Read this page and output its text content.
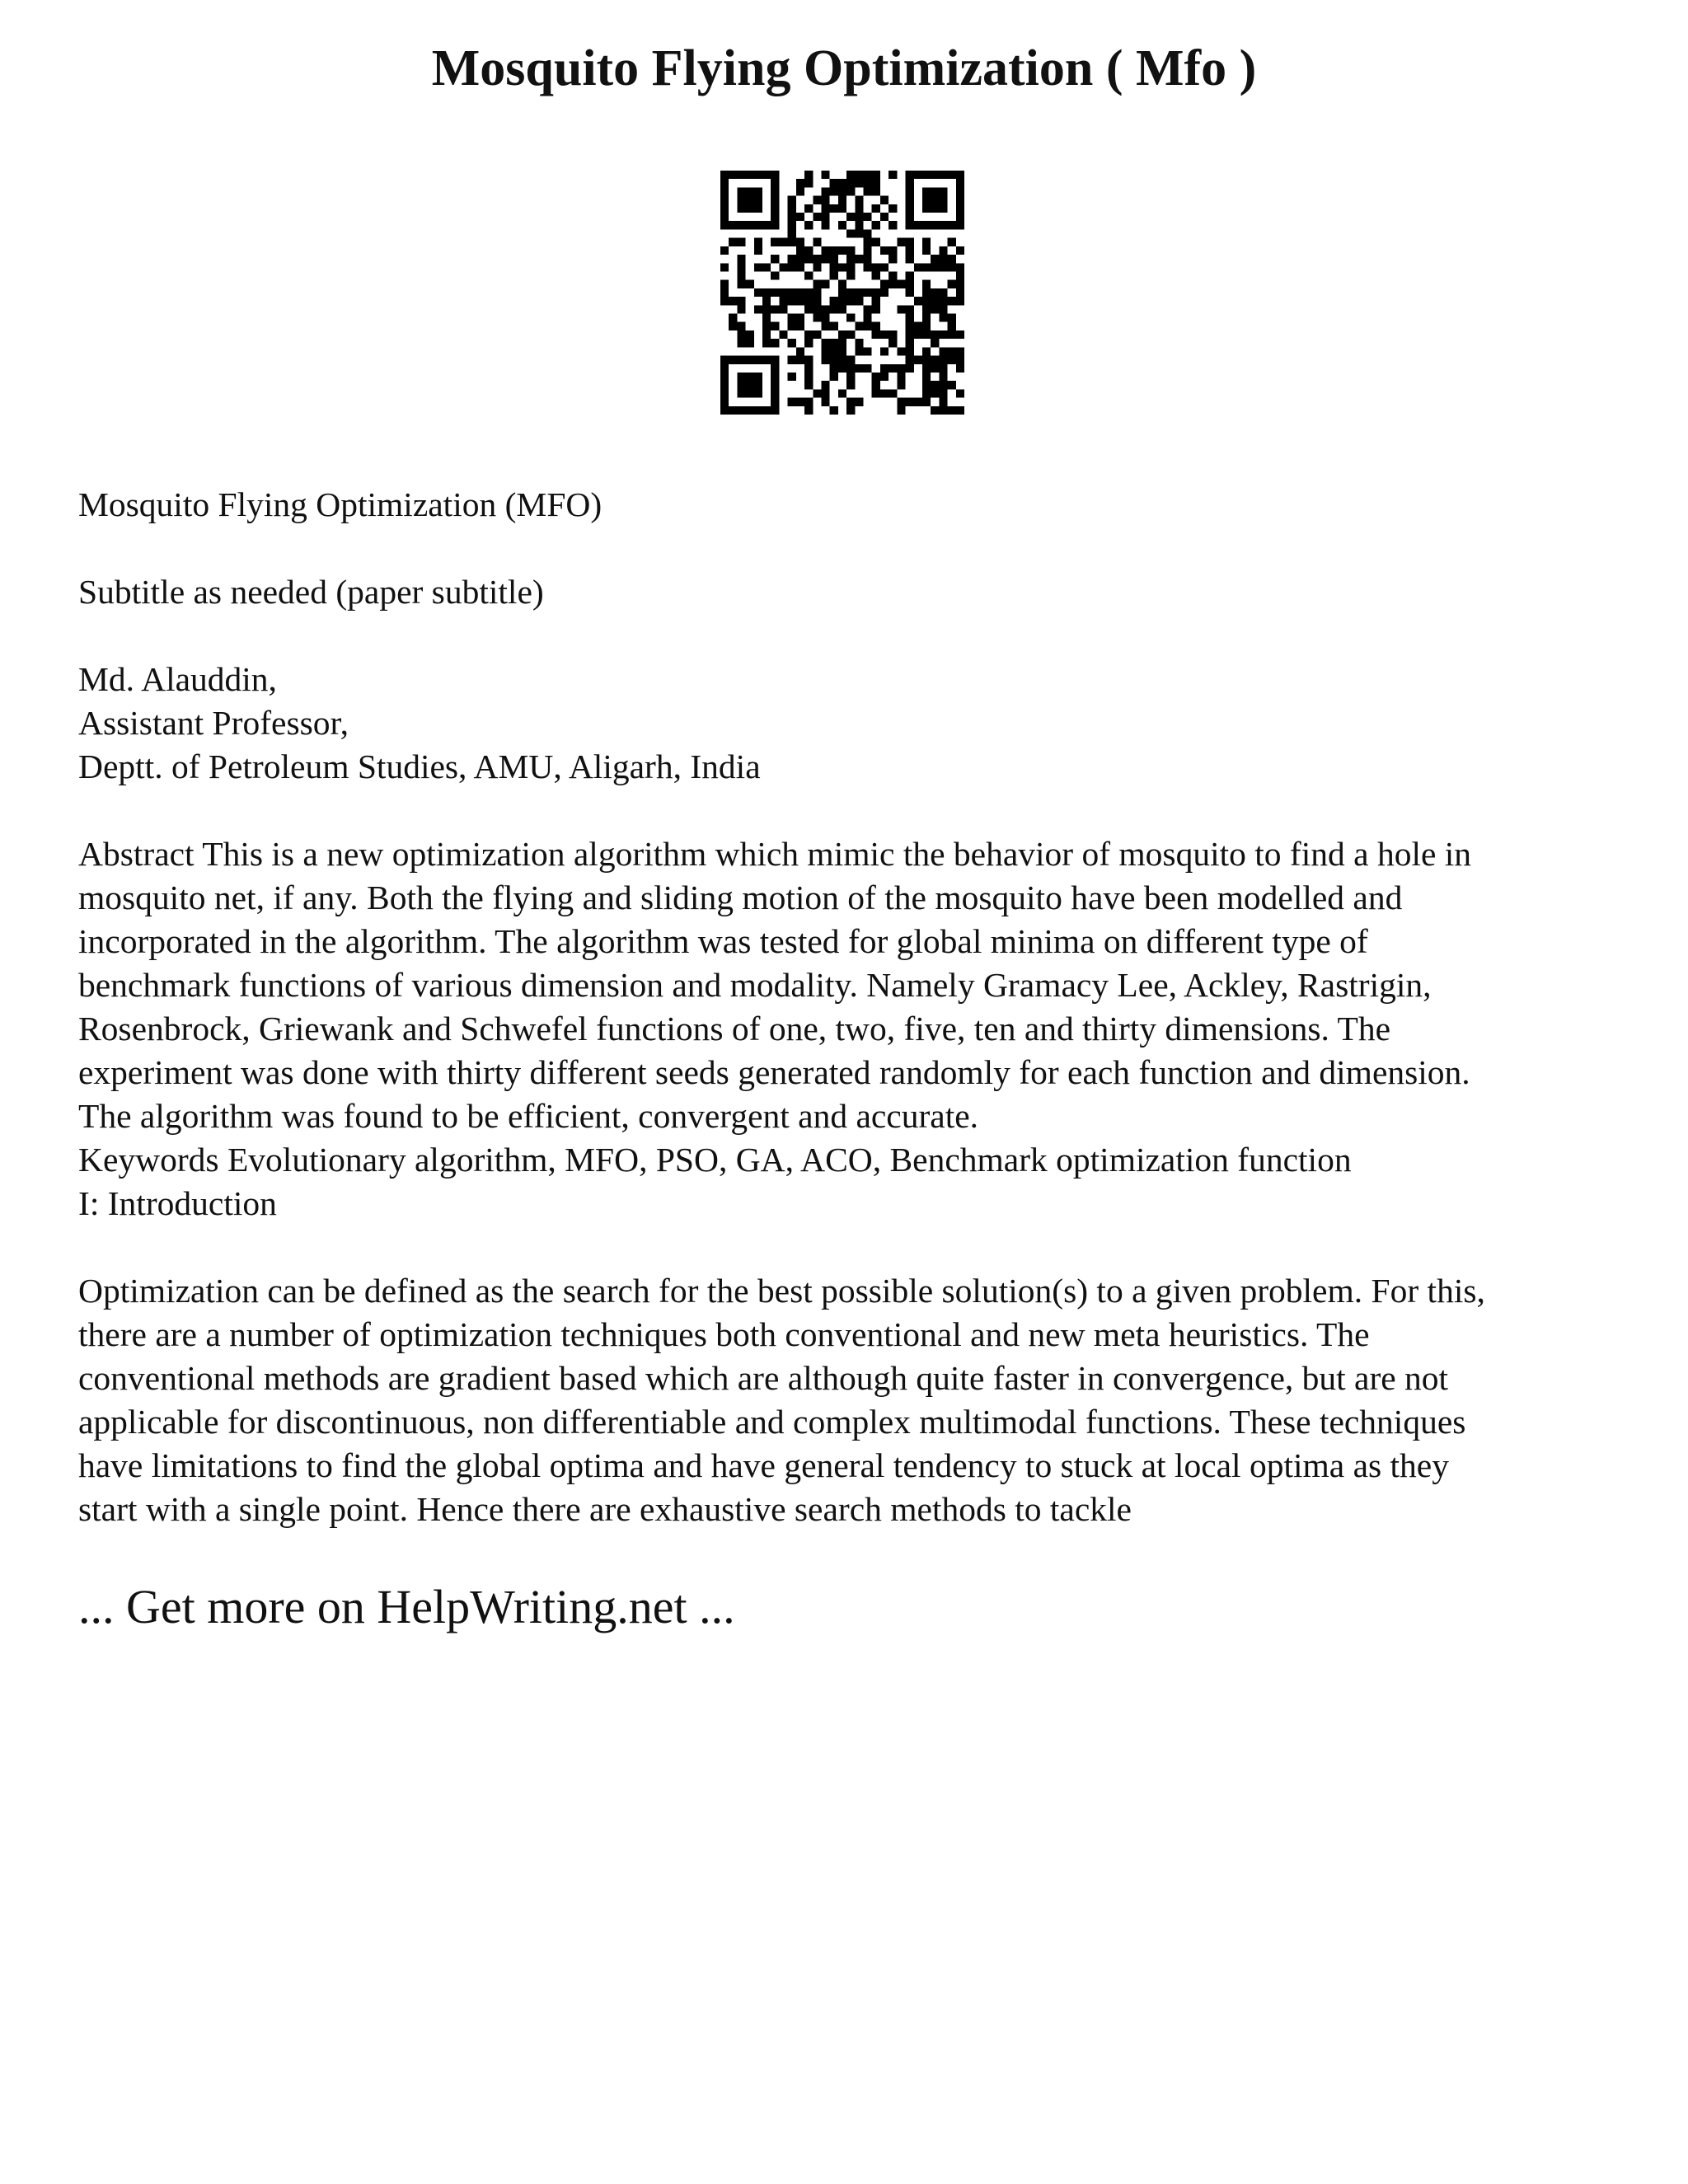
Mosquito Flying Optimization ( Mfo )

Mosquito Flying Optimization (MFO)

Subtitle as needed (paper subtitle)

Md. Alauddin,

Assistant Professor,

Deptt. of Petroleum Studies, AMU, Aligarh, India

Abstract This is a new optimization algorithm which mimic the behavior of mosquito to find a hole in

mosquito net, if any. Both the flying and sliding motion of the mosquito have been modelled and

incorporated in the algorithm. The algorithm was tested for global minima on different type of

benchmark functions of various dimension and modality. Namely Gramacy Lee, Ackley, Rastrigin,

Rosenbrock, Griewank and Schwefel functions of one, two, five, ten and thirty dimensions. The

experiment was done with thirty different seeds generated randomly for each function and dimension.

The algorithm was found to be efficient, convergent and accurate.

Keywords Evolutionary algorithm, MFO, PSO, GA, ACO, Benchmark optimization function

I: Introduction

Optimization can be defined as the search for the best possible solution(s) to a given problem. For this,

there are a number of optimization techniques both conventional and new meta heuristics. The

conventional methods are gradient based which are although quite faster in convergence, but are not

applicable for discontinuous, non differentiable and complex multimodal functions. These techniques

have limitations to find the global optima and have general tendency to stuck at local optima as they

start with a single point. Hence there are exhaustive search methods to tackle

... Get more on HelpWriting.net ...
